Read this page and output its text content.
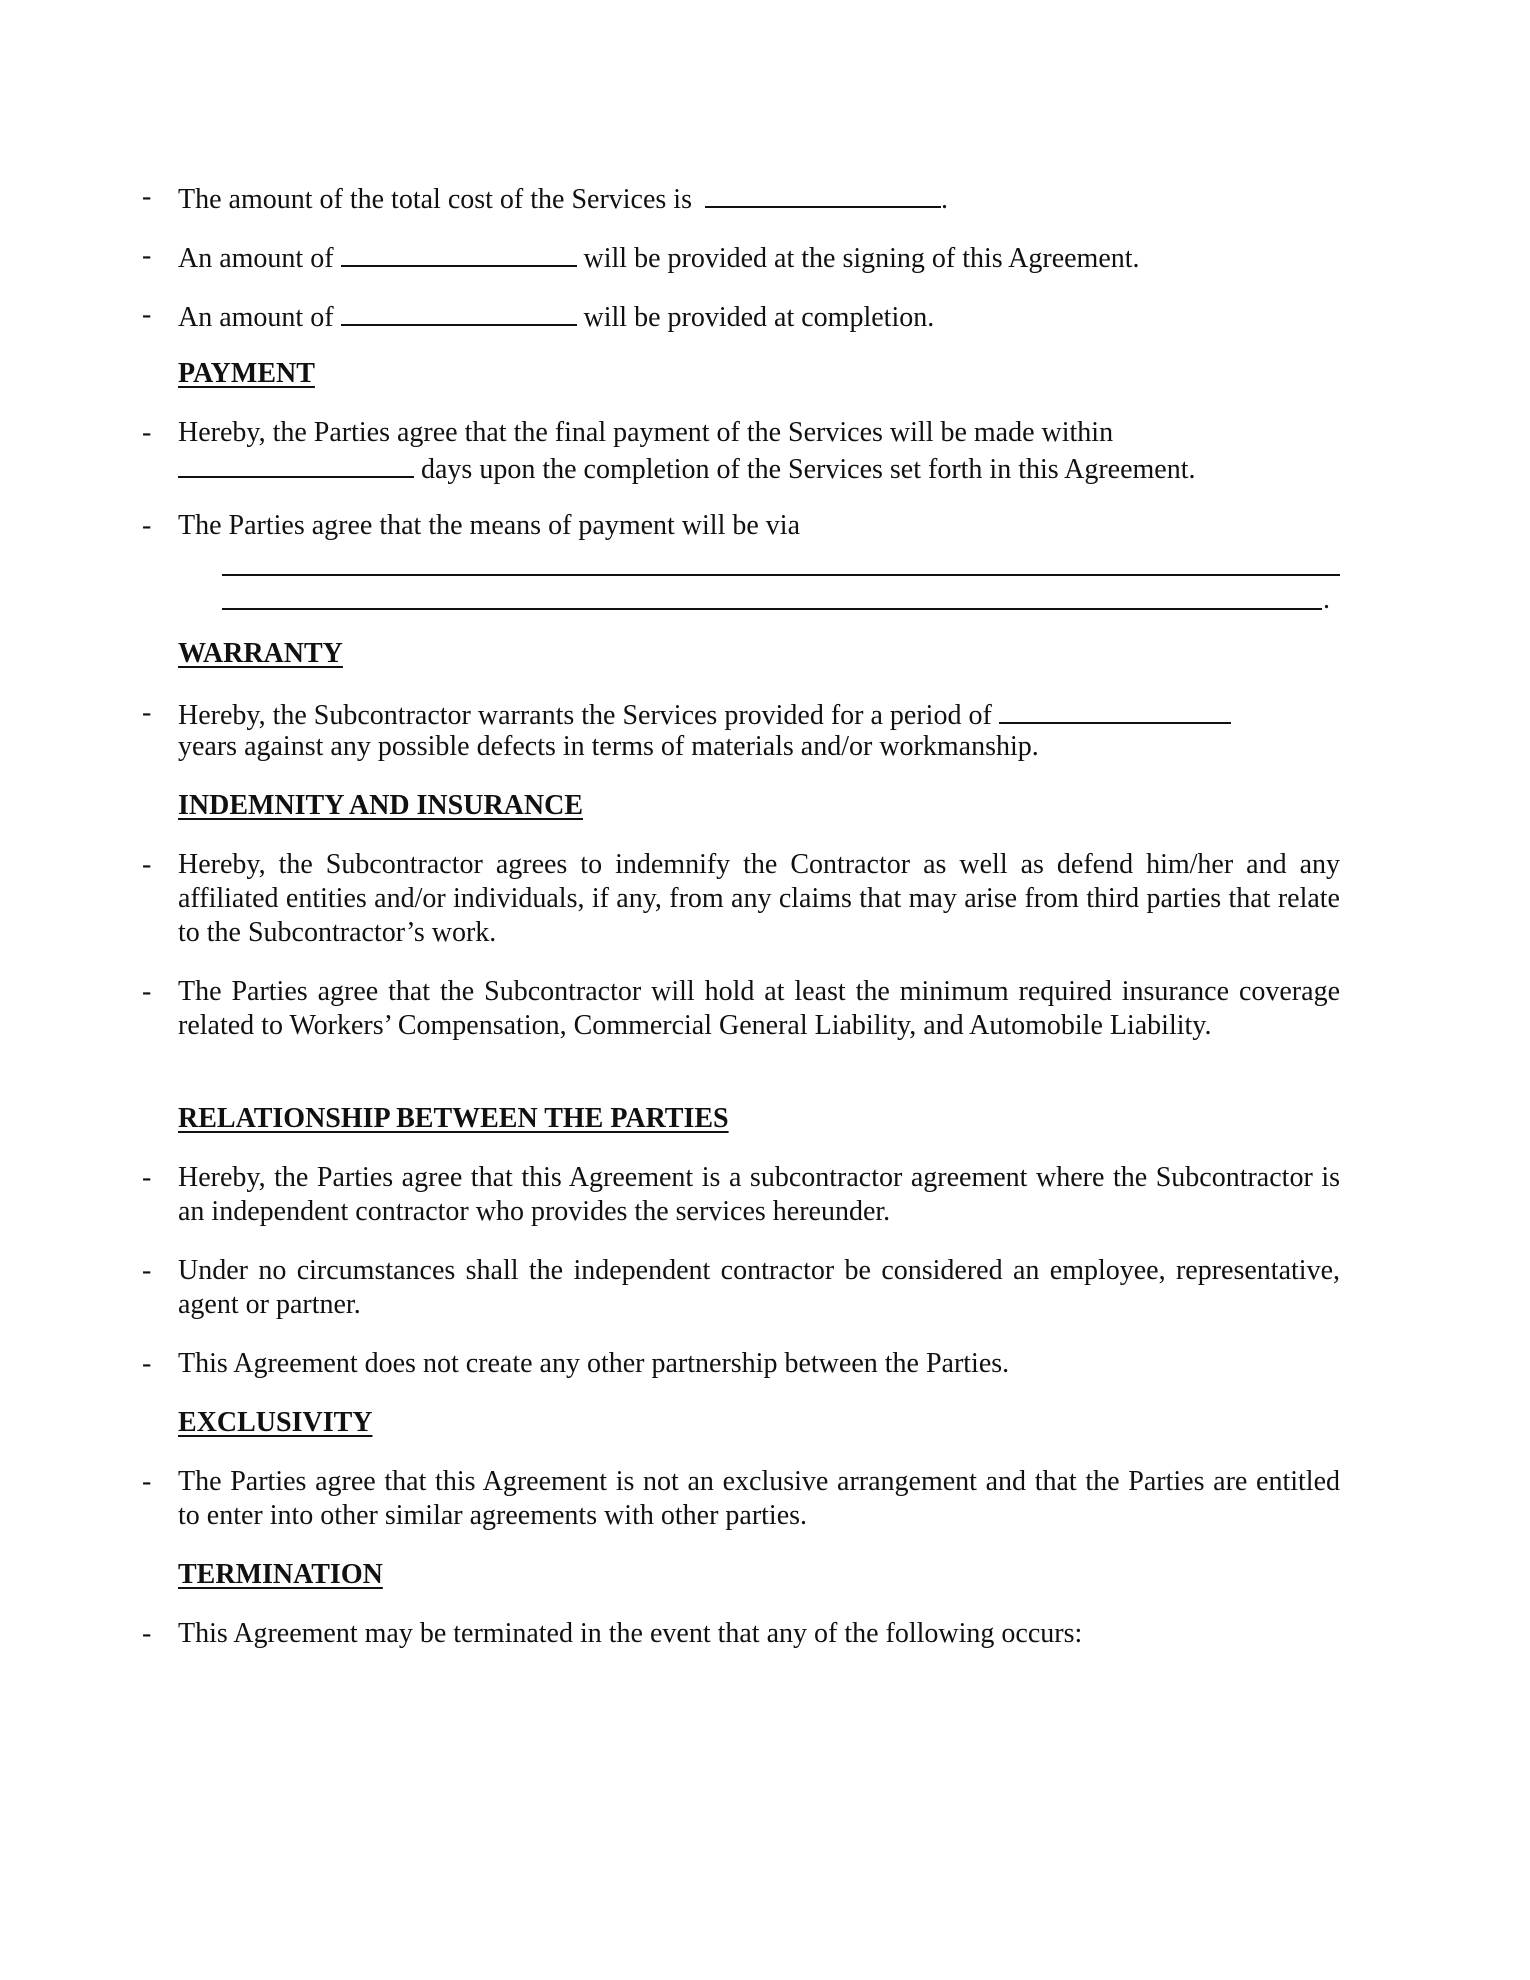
- The amount of the total cost of the Services is	.
- An amount of	will be provided at the signing of this Agreement.
- An amount of	will be provided at completion.
PAYMENT
- Hereby, the Parties agree that the final payment of the Services will be made within
days upon the completion of the Services set forth in this Agreement.
- The Parties agree that the means of payment will be via
.
WARRANTY
- Hereby, the Subcontractor warrants the Services provided for a period of
years against any possible defects in terms of materials and/or workmanship.
INDEMNITY AND INSURANCE
- Hereby, the Subcontractor agrees to indemnify the Contractor as well as defend him/her and any affiliated entities and/or individuals, if any, from any claims that may arise from third parties that relate to the Subcontractor’s work.
- The Parties agree that the Subcontractor will hold at least the minimum required insurance coverage related to Workers’ Compensation, Commercial General Liability, and Automobile Liability.
RELATIONSHIP BETWEEN THE PARTIES
- Hereby, the Parties agree that this Agreement is a subcontractor agreement where the Subcontractor is an independent contractor who provides the services hereunder.
- Under no circumstances shall the independent contractor be considered an employee, representative, agent or partner.
- This Agreement does not create any other partnership between the Parties.
EXCLUSIVITY
- The Parties agree that this Agreement is not an exclusive arrangement and that the Parties are entitled to enter into other similar agreements with other parties.
TERMINATION
- This Agreement may be terminated in the event that any of the following occurs:
